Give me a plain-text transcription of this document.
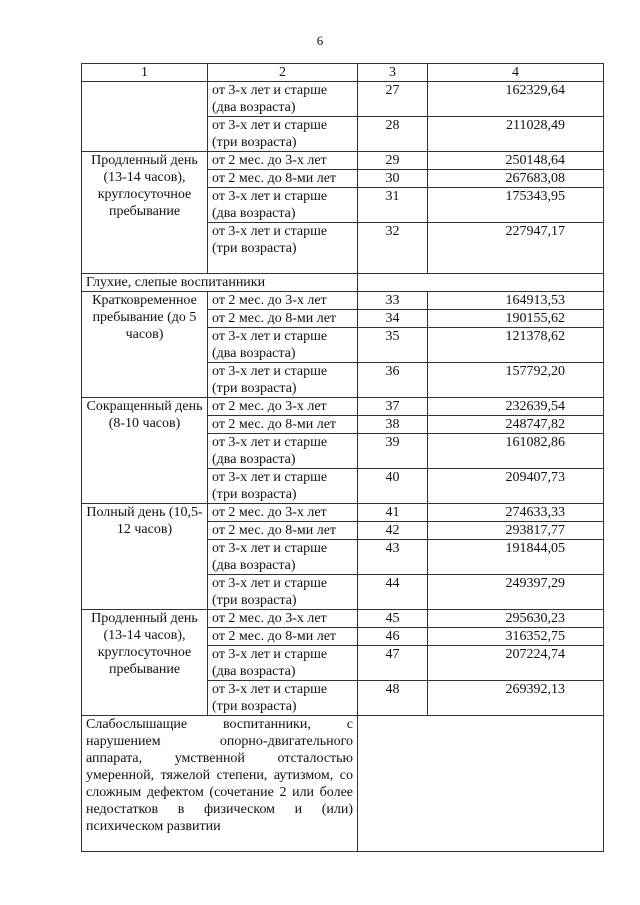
6
1	2	3	4
	от 3-х лет и старше (два возраста)	27	162329,64
	от 3-х лет и старше (три возраста)	28	211028,49
Продленный день (13-14 часов), круглосуточное пребывание	от 2 мес. до 3-х лет	29	250148,64
	от 2 мес. до 8-ми лет	30	267683,08
	от 3-х лет и старше (два возраста)	31	175343,95
	от 3-х лет и старше (три возраста)	32	227947,17
Глухие, слепые воспитанники			
Кратковременное пребывание (до 5 часов)	от 2 мес. до 3-х лет	33	164913,53
	от 2 мес. до 8-ми лет	34	190155,62
	от 3-х лет и старше (два возраста)	35	121378,62
	от 3-х лет и старше (три возраста)	36	157792,20
Сокращенный день (8-10 часов)	от 2 мес. до 3-х лет	37	232639,54
	от 2 мес. до 8-ми лет	38	248747,82
	от 3-х лет и старше (два возраста)	39	161082,86
	от 3-х лет и старше (три возраста)	40	209407,73
Полный день (10,5-12 часов)	от 2 мес. до 3-х лет	41	274633,33
	от 2 мес. до 8-ми лет	42	293817,77
	от 3-х лет и старше (два возраста)	43	191844,05
	от 3-х лет и старше (три возраста)	44	249397,29
Продленный день (13-14 часов), круглосуточное пребывание	от 2 мес. до 3-х лет	45	295630,23
	от 2 мес. до 8-ми лет	46	316352,75
	от 3-х лет и старше (два возраста)	47	207224,74
	от 3-х лет и старше (три возраста)	48	269392,13
Слабослышащие воспитанники, с нарушением опорно-двигательного аппарата, умственной отсталостью умеренной, тяжелой степени, аутизмом, со сложным дефектом (сочетание 2 или более недостатков в физическом и (или) психическом развитии			
